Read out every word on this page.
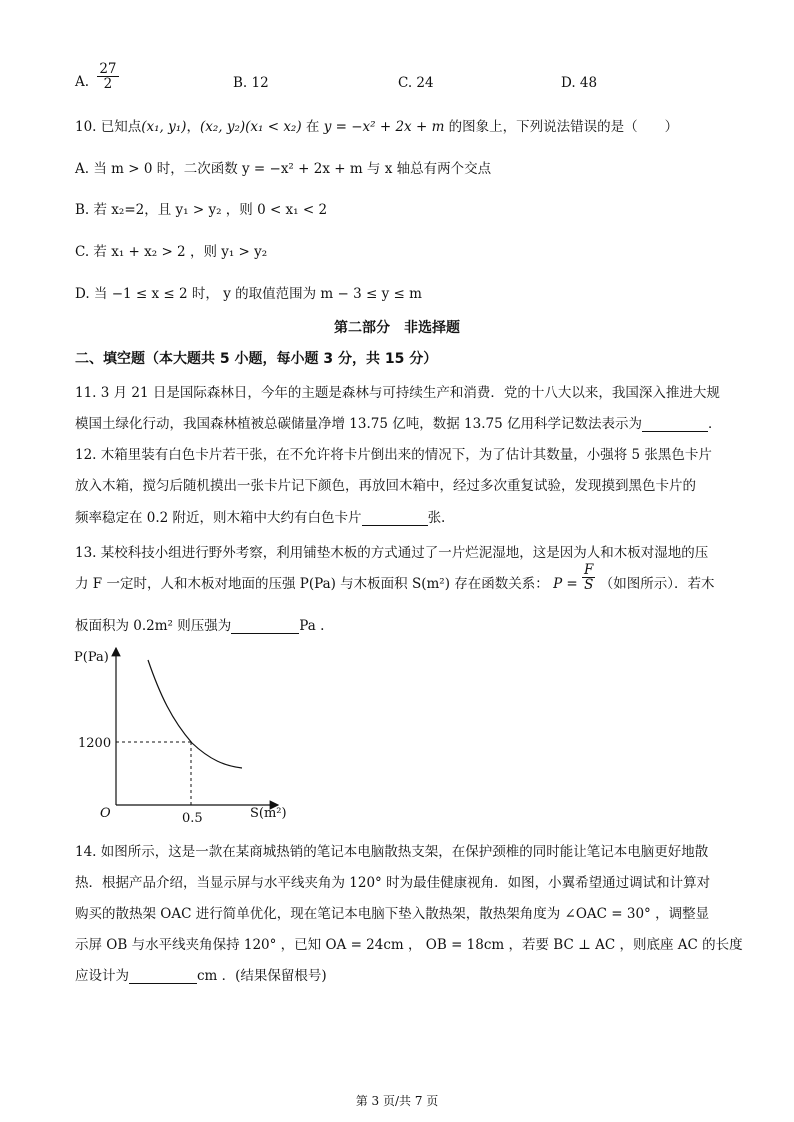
A. $\frac{27}{2}$	B. 12	C. 24	D. 48
10. 已知点(x₁, y₁)，(x₂, y₂)(x₁ < x₂) 在 y = −x² + 2x + m 的图象上，下列说法错误的是（　　）
A. 当 m > 0 时，二次函数 y = −x² + 2x + m 与 x 轴总有两个交点
B. 若 x₂=2，且 y₁ > y₂ ，则 0 < x₁ < 2
C. 若 x₁ + x₂ > 2 ，则 y₁ > y₂
D. 当 −1 ≤ x ≤ 2 时， y 的取值范围为 m − 3 ≤ y ≤ m
第二部分　非选择题
二、填空题（本大题共 5 小题，每小题 3 分，共 15 分）
11. 3 月 21 日是国际森林日，今年的主题是森林与可持续生产和消费．党的十八大以来，我国深入推进大规
模国土绿化行动，我国森林植被总碳储量净增 13.75 亿吨，数据 13.75 亿用科学记数法表示为	．
12. 木箱里装有白色卡片若干张，在不允许将卡片倒出来的情况下，为了估计其数量，小强将 5 张黑色卡片
放入木箱，搅匀后随机摸出一张卡片记下颜色，再放回木箱中，经过多次重复试验，发现摸到黑色卡片的
频率稳定在 0.2 附近，则木箱中大约有白色卡片	张.
13. 某校科技小组进行野外考察，利用铺垫木板的方式通过了一片烂泥湿地，这是因为人和木板对湿地的压
力 F 一定时，人和木板对地面的压强 P(Pa) 与木板面积 S(m²) 存在函数关系： $P = \frac{F}{S}$ （如图所示）．若木
板面积为 0.2m² 则压强为	Pa .
P(Pa)
S(m²)
O
1200
0.5
14. 如图所示，这是一款在某商城热销的笔记本电脑散热支架，在保护颈椎的同时能让笔记本电脑更好地散
热．根据产品介绍，当显示屏与水平线夹角为 120° 时为最佳健康视角．如图，小翼希望通过调试和计算对
购买的散热架 OAC 进行简单优化，现在笔记本电脑下垫入散热架，散热架角度为 ∠OAC = 30° ，调整显
示屏 OB 与水平线夹角保持 120° ，已知 OA = 24cm ， OB = 18cm ，若要 BC ⊥ AC ，则底座 AC 的长度
应设计为	cm ．(结果保留根号)
第 3 页/共 7 页
